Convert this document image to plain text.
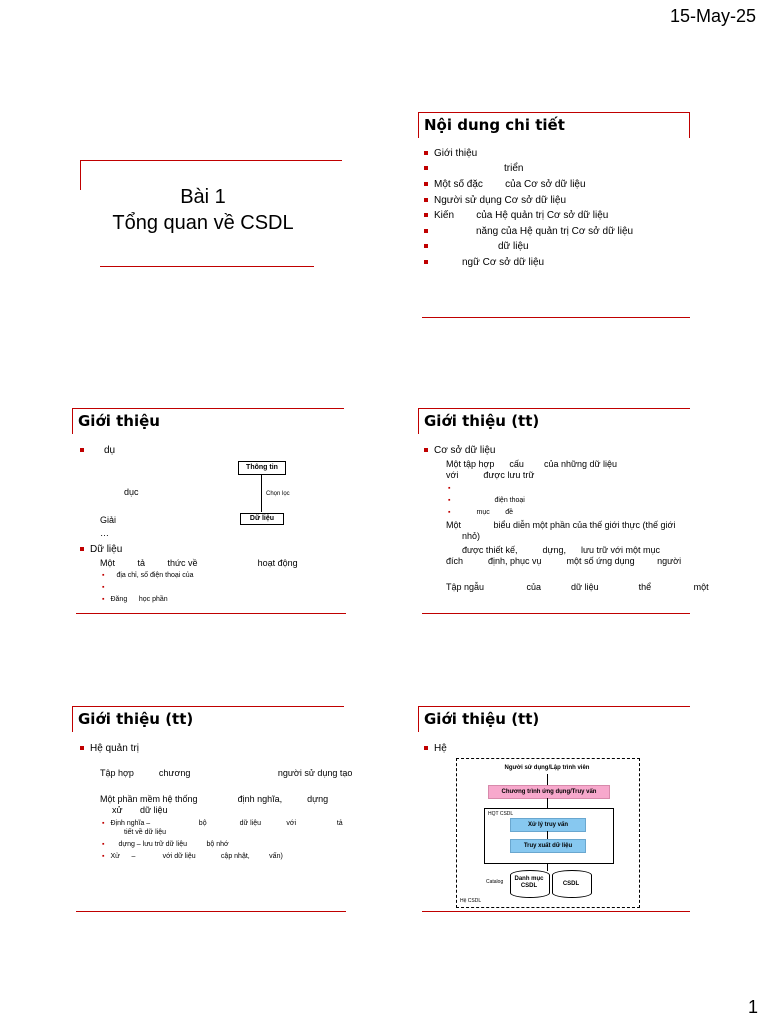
15-May-25
Bài 1
Tổng quan về CSDL
Nội dung chi tiết
Giới thiệu
triển
Một số đặc        của Cơ sở dữ liệu
Người sử dụng Cơ sở dữ liệu
Kiến        của Hệ quản trị Cơ sở dữ liệu
năng của Hệ quản trị Cơ sở dữ liệu
dữ liệu
ngữ Cơ sở dữ liệu
Giới thiệu
dụ
Thông tin
Chọn lọc
Dữ liệu
dục
Giải
…
Dữ liệu
Một         tả         thức về                        hoạt động
▪ địa chỉ, số điện thoại của
▪
▪ Đăng      học phần
Giới thiệu (tt)
Cơ sở dữ liệu
Một tập hợp      cấu        của những dữ liệu
với          được lưu trữ
▪
▪	điện thoại
▪	mục        đề
Một             biểu diễn một phần của thế giới thực (thế giới
nhỏ)
được thiết kế,          dựng,      lưu trữ với một mục
đích          định, phục vụ          một số ứng dụng         người
Tập ngẫu                 của            dữ liệu                thể                 một
Giới thiệu (tt)
Hệ quản trị
Tập hợp          chương                                   người sử dụng tạo
Một phần mềm hệ thống                định nghĩa,          dựng
xử       dữ liệu
▪ Định nghĩa –                         bộ                 dữ liệu             với                     tả
tiết về dữ liệu
▪ dựng – lưu trữ dữ liệu          bộ nhớ
▪ Xử      –              với dữ liệu             cập nhật,          vấn)
Giới thiệu (tt)
Hệ
Người sử dụng/Lập trình viên
Chương trình ứng dụng/Truy vấn
HQT CSDL
Xử lý truy vấn
Truy xuất dữ liệu
Catalog	Danh mục CSDL	CSDL
Hệ CSDL
1
